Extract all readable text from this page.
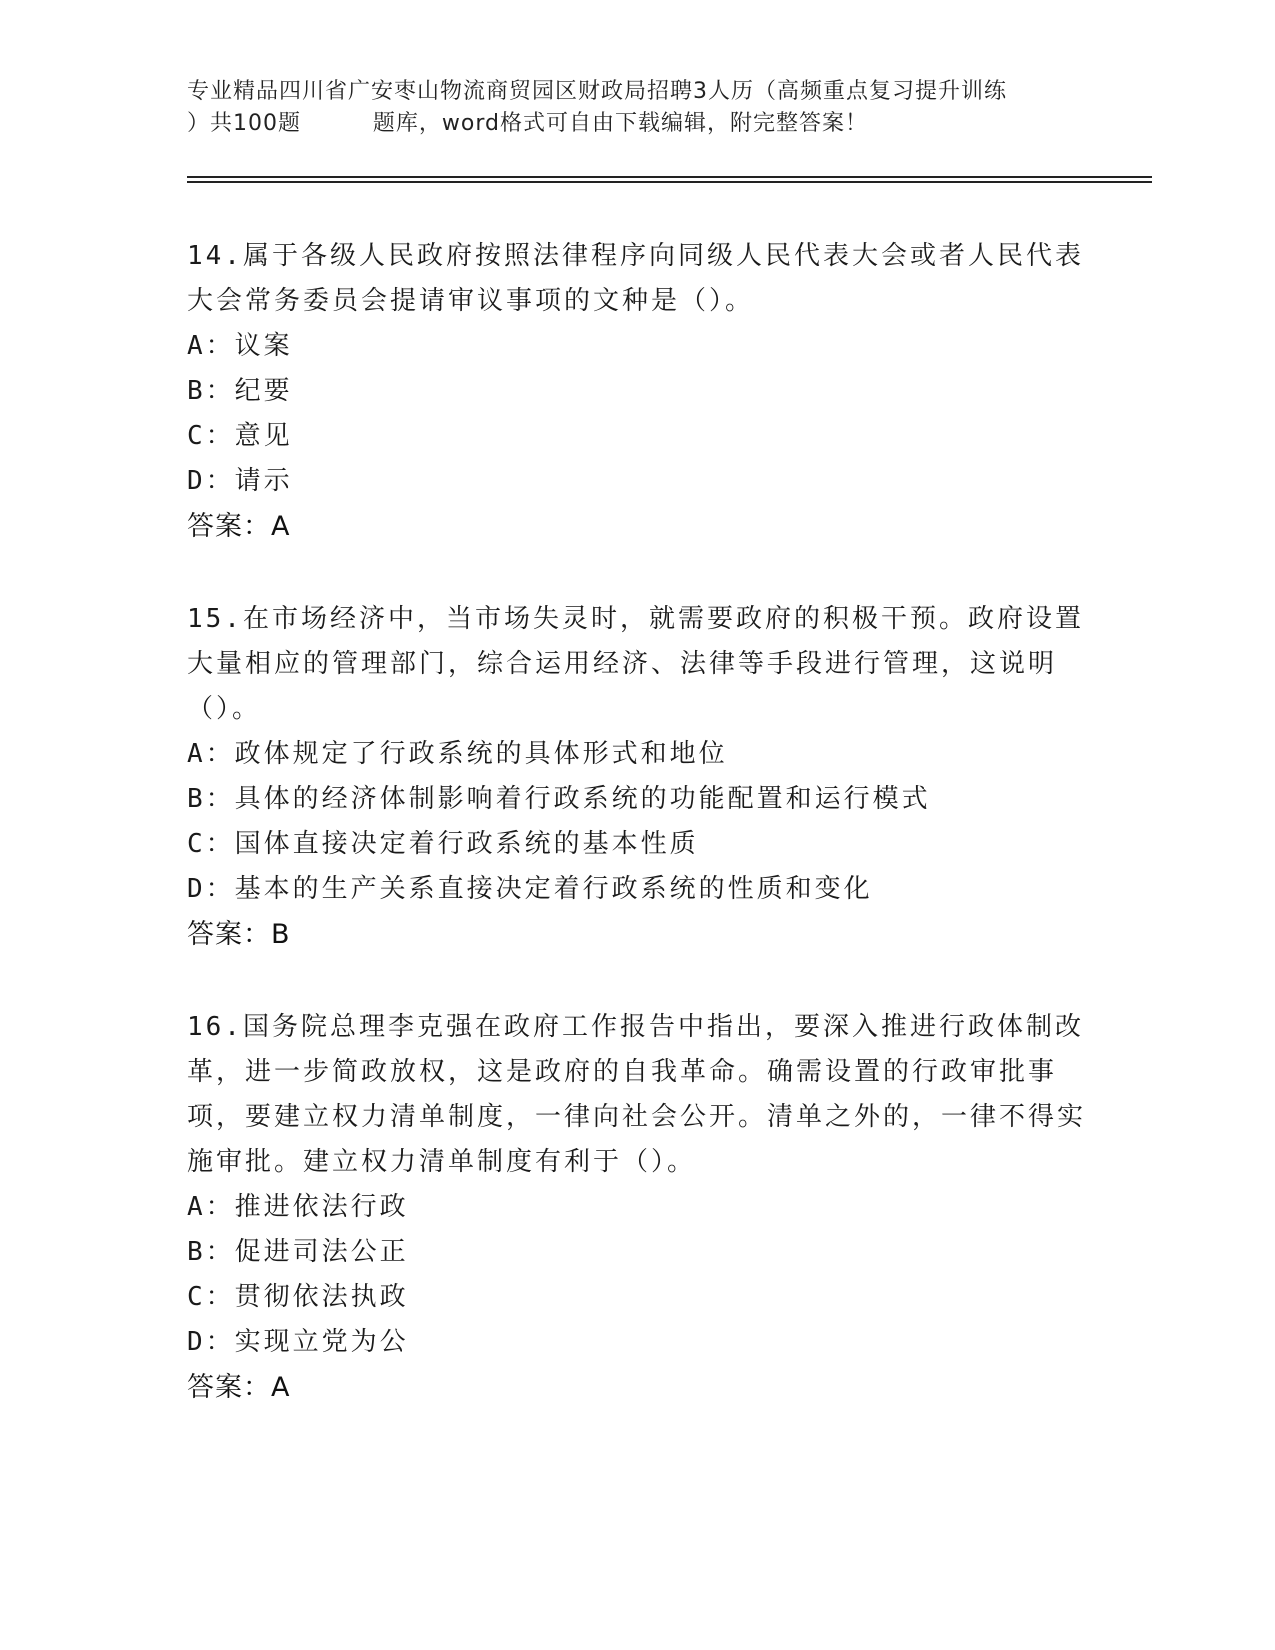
专业精品四川省广安枣山物流商贸园区财政局招聘3人历（高频重点复习提升训练
）共100题         题库，word格式可自由下载编辑，附完整答案！
14.属于各级人民政府按照法律程序向同级人民代表大会或者人民代表大会常务委员会提请审议事项的文种是（）。
A：议案
B：纪要
C：意见
D：请示
答案：A
15.在市场经济中，当市场失灵时，就需要政府的积极干预。政府设置大量相应的管理部门，综合运用经济、法律等手段进行管理，这说明（）。
A：政体规定了行政系统的具体形式和地位
B：具体的经济体制影响着行政系统的功能配置和运行模式
C：国体直接决定着行政系统的基本性质
D：基本的生产关系直接决定着行政系统的性质和变化
答案：B
16.国务院总理李克强在政府工作报告中指出，要深入推进行政体制改革，进一步简政放权，这是政府的自我革命。确需设置的行政审批事项，要建立权力清单制度，一律向社会公开。清单之外的，一律不得实施审批。建立权力清单制度有利于（）。
A：推进依法行政
B：促进司法公正
C：贯彻依法执政
D：实现立党为公
答案：A
